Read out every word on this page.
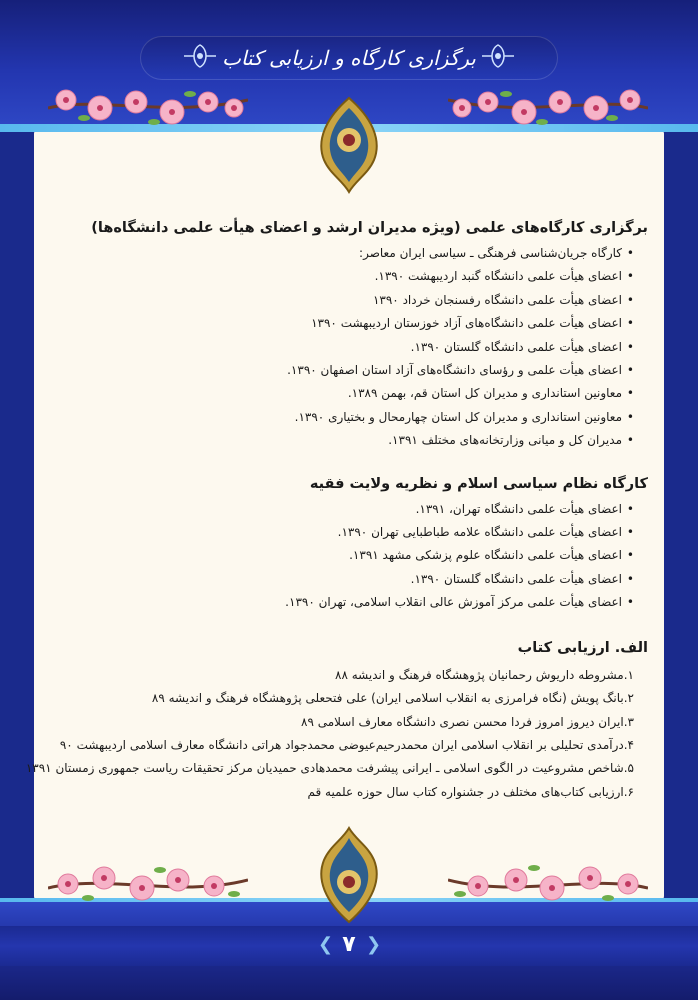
برگزاری کارگاه و ارزیابی کتاب
برگزاری کارگاه‌های علمی (ویژه مدیران ارشد و اعضای هیأت علمی دانشگاه‌ها)
• کارگاه جریان‌شناسی فرهنگی ـ سیاسی ایران معاصر:
• اعضای هیأت علمی دانشگاه گنبد اردیبهشت ۱۳۹۰.
• اعضای هیأت علمی دانشگاه رفسنجان خرداد ۱۳۹۰
• اعضای هیأت علمی دانشگاه‌های آزاد خوزستان اردیبهشت ۱۳۹۰
• اعضای هیأت علمی دانشگاه گلستان ۱۳۹۰.
• اعضای هیأت علمی و رؤسای دانشگاه‌های آزاد استان اصفهان ۱۳۹۰.
• معاونین استانداری و مدیران کل استان قم، بهمن ۱۳۸۹.
• معاونین استانداری و مدیران کل استان چهارمحال و بختیاری ۱۳۹۰.
• مدیران کل و میانی وزارتخانه‌های مختلف ۱۳۹۱.
کارگاه نظام سیاسی اسلام و نظریه ولایت فقیه
• اعضای هیأت علمی دانشگاه تهران، ۱۳۹۱.
• اعضای هیأت علمی دانشگاه علامه طباطبایی تهران ۱۳۹۰.
• اعضای هیأت علمی دانشگاه علوم پزشکی مشهد ۱۳۹۱.
• اعضای هیأت علمی دانشگاه گلستان ۱۳۹۰.
• اعضای هیأت علمی مرکز آموزش عالی انقلاب اسلامی، تهران ۱۳۹۰.
الف. ارزیابی کتاب
۱.مشروطه داریوش رحمانیان پژوهشگاه فرهنگ و اندیشه ۸۸
۲.بانگ پویش (نگاه فرامرزی به انقلاب اسلامی ایران) علی فتحعلی پژوهشگاه فرهنگ و اندیشه ۸۹
۳.ایران دیروز امروز فردا محسن نصری دانشگاه معارف اسلامی ۸۹
۴.درآمدی تحلیلی بر انقلاب اسلامی ایران محمدرحیم‌عیوضی محمدجواد هراتی دانشگاه معارف اسلامی اردیبهشت ۹۰
۵.شاخص مشروعیت در الگوی اسلامی ـ ایرانی پیشرفت محمدهادی حمیدیان مرکز تحقیقات ریاست جمهوری زمستان ۱۳۹۱
۶.ارزیابی کتاب‌های مختلف در جشنواره کتاب سال حوزه علمیه قم
❮ ۷ ❯
